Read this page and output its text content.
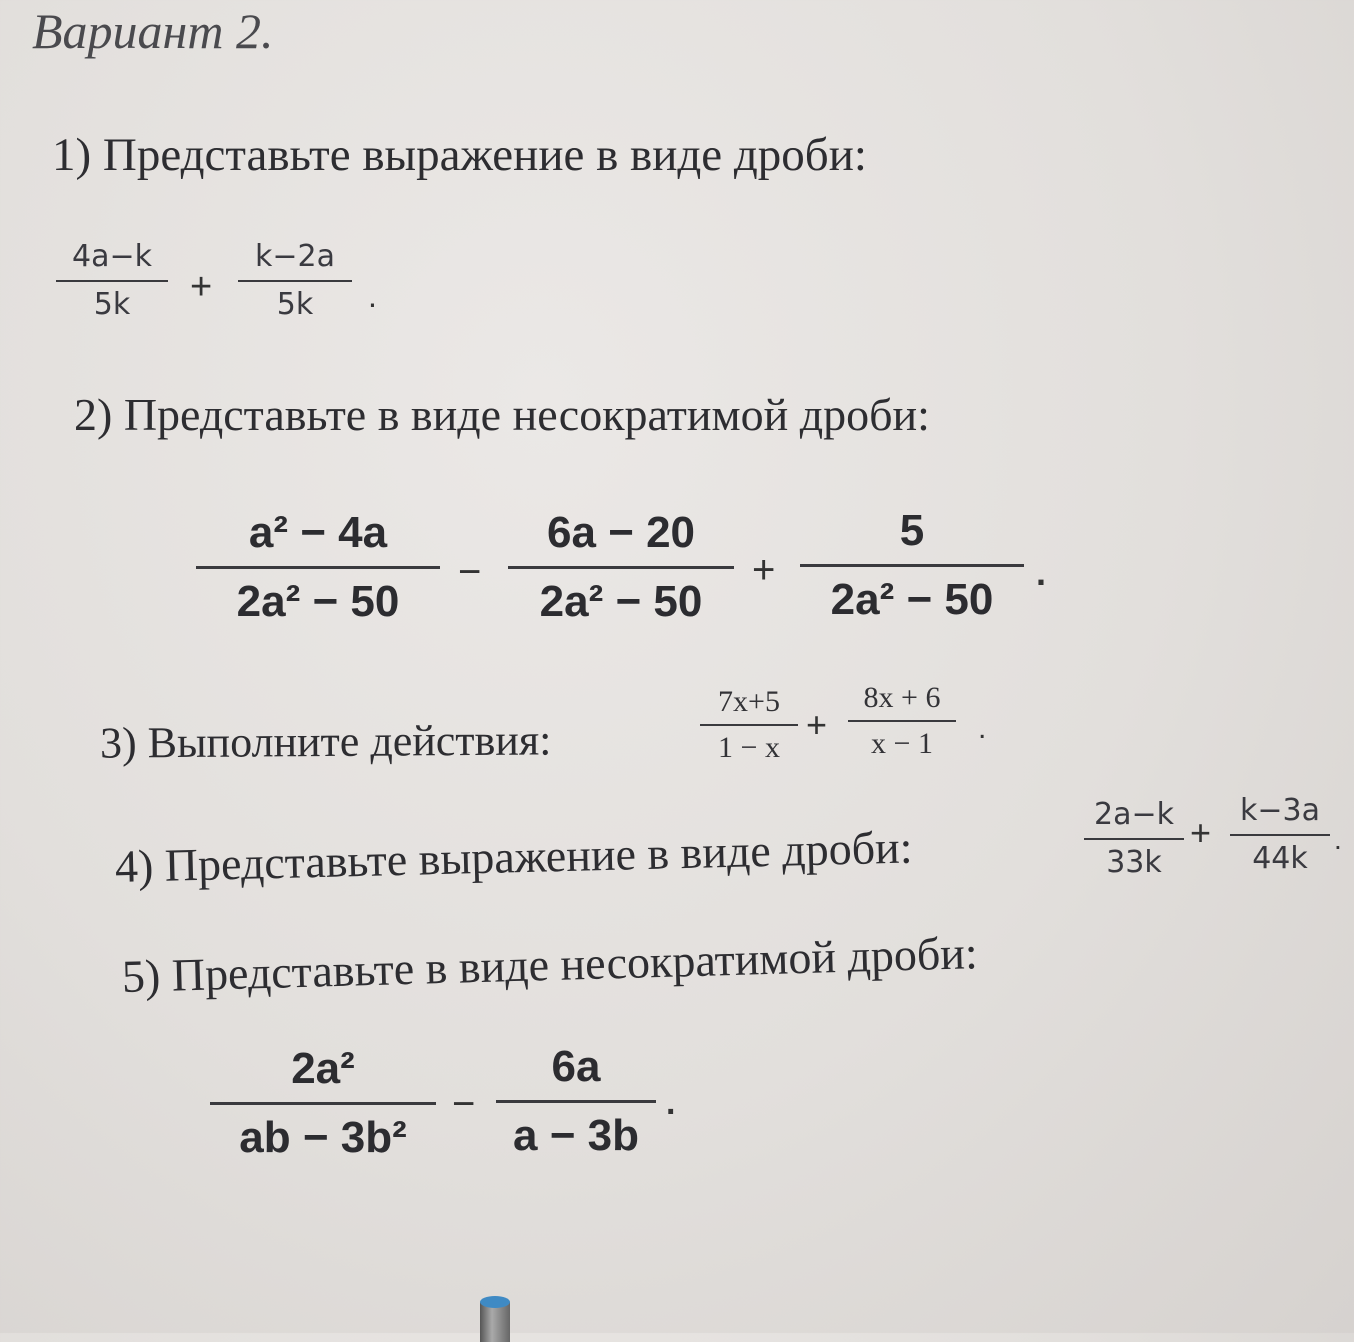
Вариант 2.
1) Представьте выражение в виде дроби:
4a−k
5k	+
k−2a
5k	.
2) Представьте в виде несократимой дроби:
a² − 4a
2a² − 50
−
6a − 20
2a² − 50
+
5
2a² − 50
.
3) Выполните действия:
7x+5
1 − x
+
8x + 6
x − 1	.
4) Представьте выражение в виде дроби:
2a−k
33k
+
k−3a
44k
.
5) Представьте в виде несократимой дроби:
2a²
ab − 3b²
−
6a
a − 3b
.
